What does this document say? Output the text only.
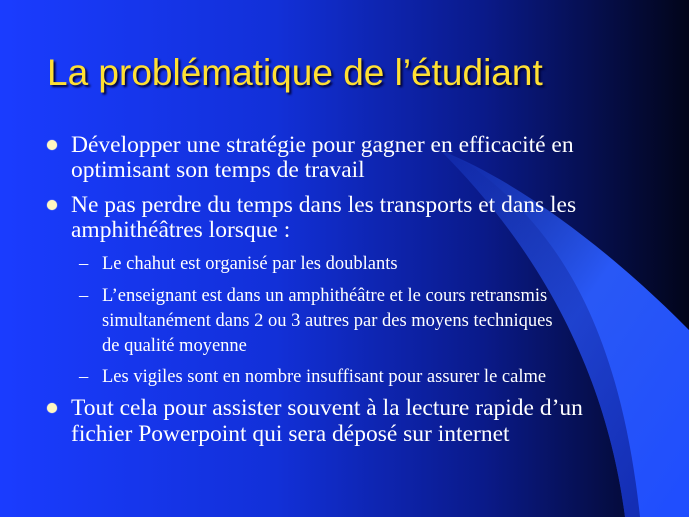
La problématique de l’étudiant
Développer une stratégie pour gagner en efficacité en
optimisant son temps de travail
Ne pas perdre du temps dans les transports et dans les
amphithéâtres lorsque :
– Le chahut est organisé par les doublants
– L’enseignant est dans un amphithéâtre et le cours retransmis
simultanément dans 2 ou 3 autres par des moyens techniques
de qualité moyenne
– Les vigiles sont en nombre insuffisant pour assurer le calme
Tout cela pour assister souvent à la lecture rapide d’un
fichier Powerpoint qui sera déposé sur internet
